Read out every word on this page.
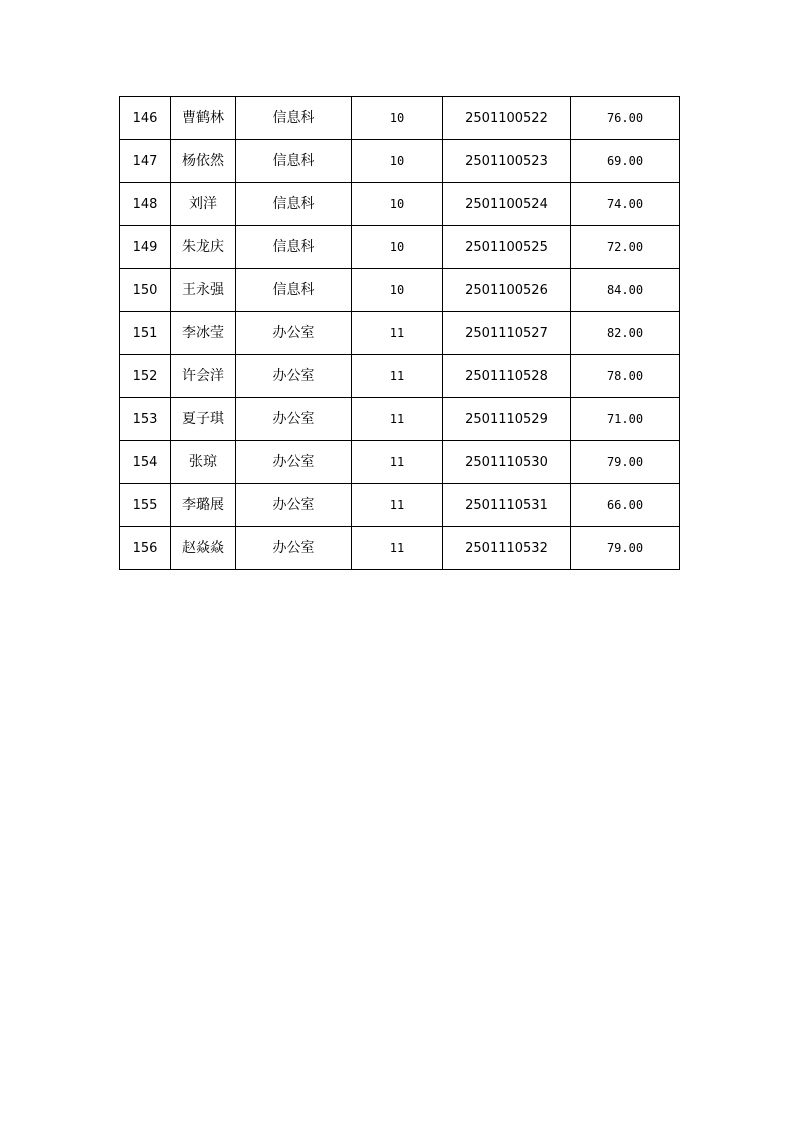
146	曹鹤林	信息科	10	2501100522	76.00
147	杨依然	信息科	10	2501100523	69.00
148	刘洋	信息科	10	2501100524	74.00
149	朱龙庆	信息科	10	2501100525	72.00
150	王永强	信息科	10	2501100526	84.00
151	李冰莹	办公室	11	2501110527	82.00
152	许会洋	办公室	11	2501110528	78.00
153	夏子琪	办公室	11	2501110529	71.00
154	张琼	办公室	11	2501110530	79.00
155	李璐展	办公室	11	2501110531	66.00
156	赵焱焱	办公室	11	2501110532	79.00
